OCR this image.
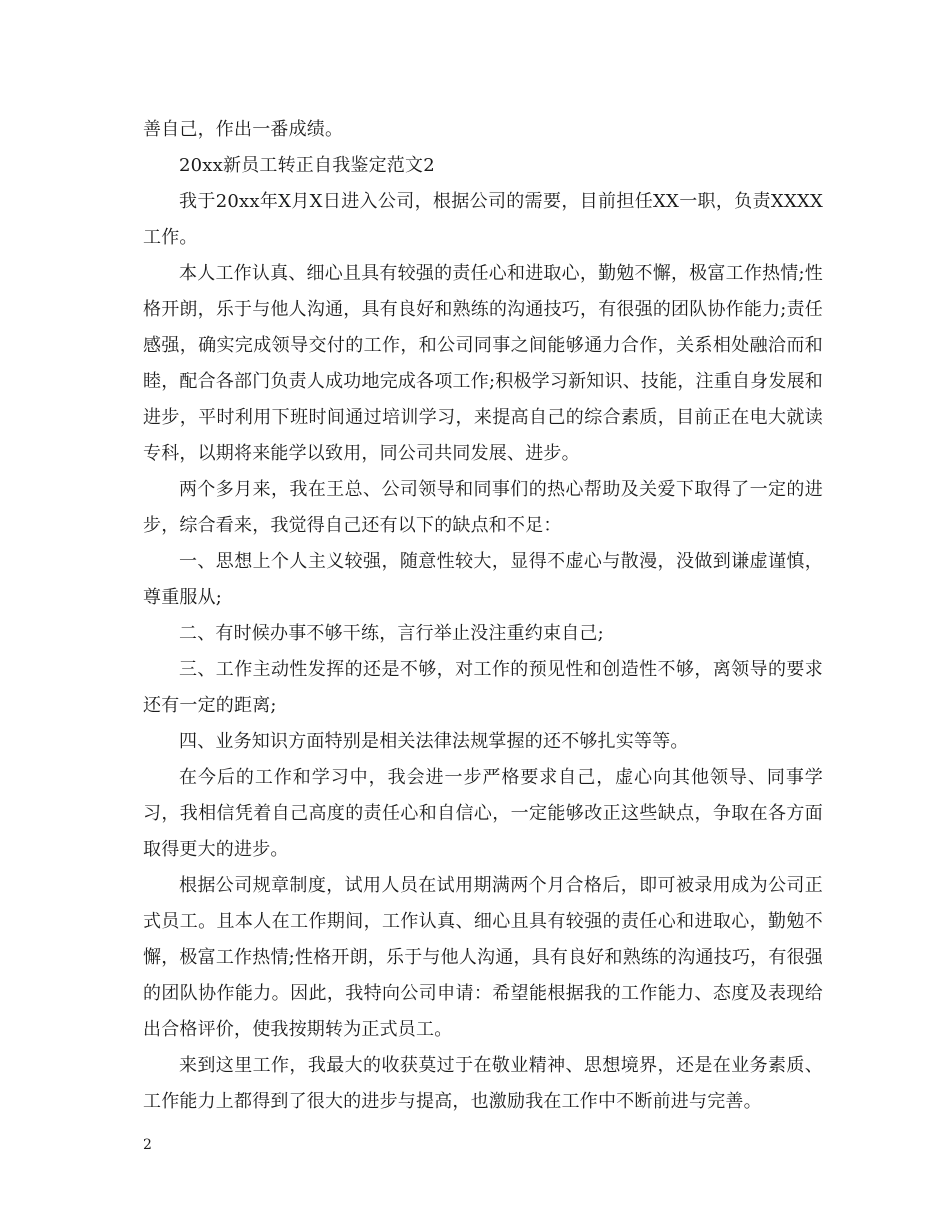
善自己，作出一番成绩。

20xx新员工转正自我鉴定范文2

我于20xx年X月X日进入公司，根据公司的需要，目前担任XX一职，负责XXXX工作。

本人工作认真、细心且具有较强的责任心和进取心，勤勉不懈，极富工作热情;性格开朗，乐于与他人沟通，具有良好和熟练的沟通技巧，有很强的团队协作能力;责任感强，确实完成领导交付的工作，和公司同事之间能够通力合作，关系相处融洽而和睦，配合各部门负责人成功地完成各项工作;积极学习新知识、技能，注重自身发展和进步，平时利用下班时间通过培训学习，来提高自己的综合素质，目前正在电大就读专科，以期将来能学以致用，同公司共同发展、进步。

两个多月来，我在王总、公司领导和同事们的热心帮助及关爱下取得了一定的进步，综合看来，我觉得自己还有以下的缺点和不足：

一、思想上个人主义较强，随意性较大，显得不虚心与散漫，没做到谦虚谨慎，尊重服从;

二、有时候办事不够干练，言行举止没注重约束自己;

三、工作主动性发挥的还是不够，对工作的预见性和创造性不够，离领导的要求还有一定的距离;

四、业务知识方面特别是相关法律法规掌握的还不够扎实等等。

在今后的工作和学习中，我会进一步严格要求自己，虚心向其他领导、同事学习，我相信凭着自己高度的责任心和自信心，一定能够改正这些缺点，争取在各方面取得更大的进步。

根据公司规章制度，试用人员在试用期满两个月合格后，即可被录用成为公司正式员工。且本人在工作期间，工作认真、细心且具有较强的责任心和进取心，勤勉不懈，极富工作热情;性格开朗，乐于与他人沟通，具有良好和熟练的沟通技巧，有很强的团队协作能力。因此，我特向公司申请：希望能根据我的工作能力、态度及表现给出合格评价，使我按期转为正式员工。

来到这里工作，我最大的收获莫过于在敬业精神、思想境界，还是在业务素质、工作能力上都得到了很大的进步与提高，也激励我在工作中不断前进与完善。

2
